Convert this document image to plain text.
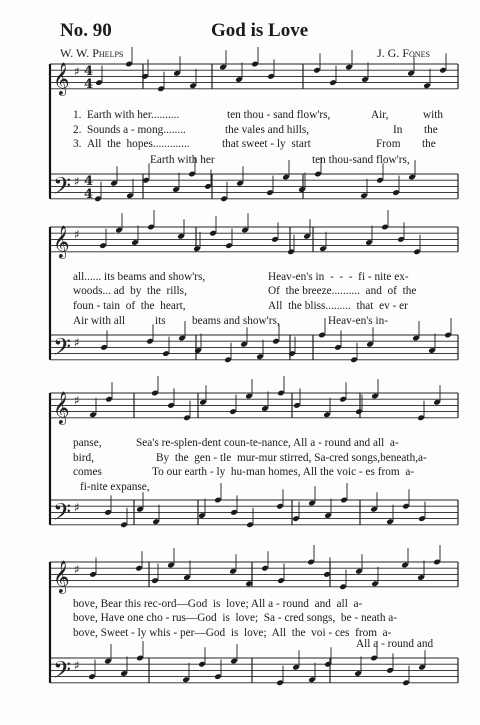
No. 90	God is Love
W. W. Phelps	J. G. Fones
𝄞 ♯
𝄢 ♯
𝄞 ♯
𝄢 ♯
𝄞 ♯
𝄢 ♯
𝄞 ♯
𝄢 ♯
4
4
4
4
1. Earth with her..........	ten thou - sand flow'rs,	Air,	with
2. Sounds a - mong........	the vales and hills,	In the
3. All  the  hopes.............	that sweet - ly  start	From the
Earth with her	ten thou-sand flow'rs,
all...... its beams and show'rs,	Heav-en's in  -  -  -  fi - nite ex-
woods... ad  by  the  rills,	Of  the breeze..........  and  of  the
foun - tain  of  the  heart,	All  the bliss.........  that  ev - er
Air with all	its beams and show'rs,	Heav-en's in-
panse,	Sea's re-splen-dent coun-te-nance, All a - round and all  a-
bird,	By  the  gen - tle  mur-mur stirred, Sa-cred songs,beneath,a-
comes	To our earth - ly  hu-man homes, All the voic - es from  a-
fi-nite expanse,
bove, Bear this rec-ord—God  is  love; All a - round  and  all  a-
bove, Have one cho - rus—God  is  love;  Sa - cred songs,  be - neath a-
bove, Sweet - ly whis - per—God  is  love;  All  the  voi - ces  from  a-
All a - round and
